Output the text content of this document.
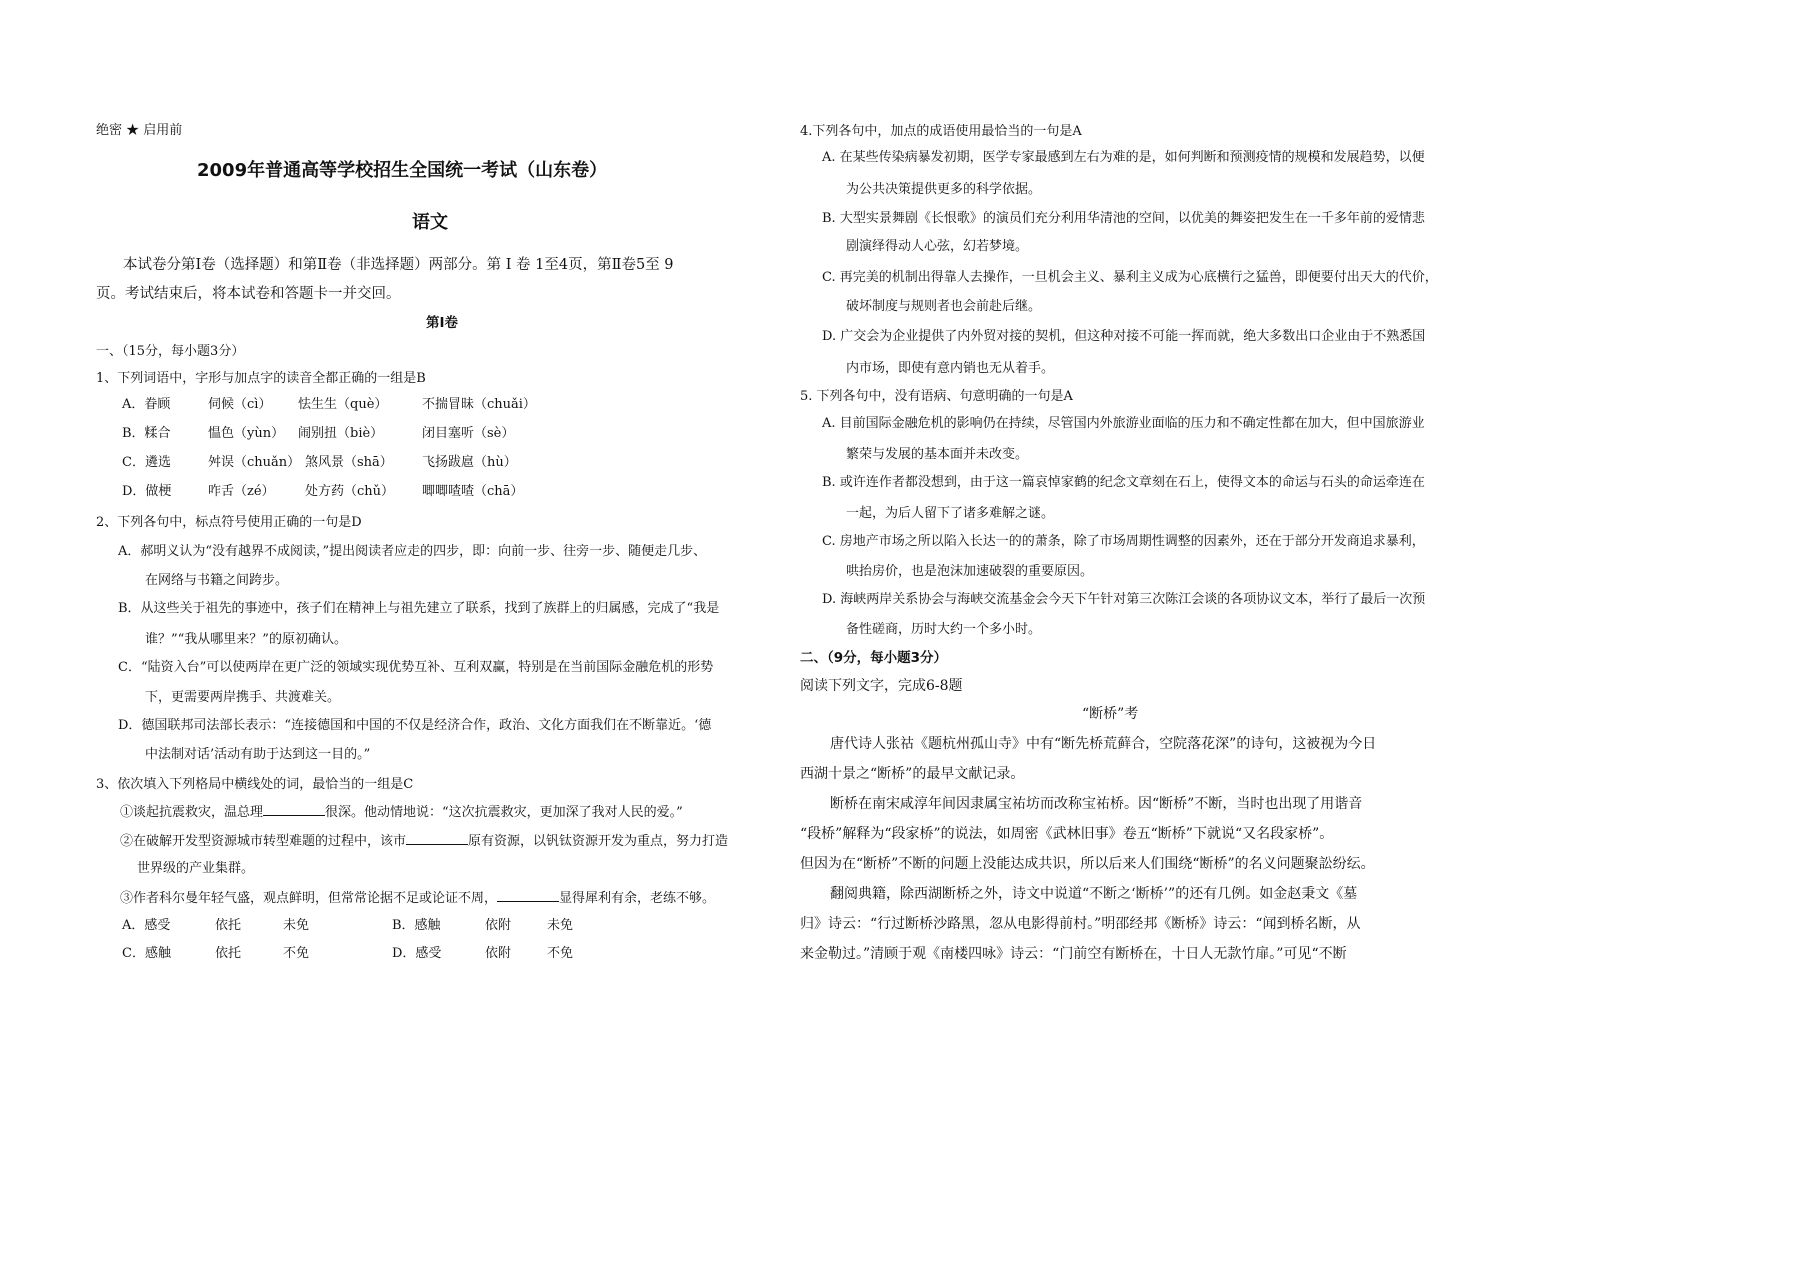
绝密 ★ 启用前
2009年普通高等学校招生全国统一考试（山东卷）
语文
本试卷分第Ⅰ卷（选择题）和第Ⅱ卷（非选择题）两部分。第 Ⅰ 卷 1至4页，第Ⅱ卷5至 9
页。考试结束后，将本试卷和答题卡一并交回。
第Ⅰ卷
一、（15分，每小题3分）
1、下列词语中，字形与加点字的读音全都正确的一组是B
A．眷顾	伺候（cì） 怯生生（què）	不揣冒昧（chuǎi）
B．糅合	愠色（yùn） 闹别扭（biè）	闭目塞听（sè）
C．遴选	舛误（chuǎn） 煞风景（shā） 飞扬跋扈（hù）
D．做梗	咋舌（zé） 处方药（chǔ） 唧唧喳喳（chā）
2、下列各句中，标点符号使用正确的一句是D
A．郝明义认为“没有越界不成阅读，”提出阅读者应走的四步，即：向前一步、往旁一步、随便走几步、
在网络与书籍之间跨步。
B．从这些关于祖先的事迹中，孩子们在精神上与祖先建立了联系，找到了族群上的归属感，完成了“我是
谁？”“我从哪里来？”的原初确认。
C．“陆资入台”可以使两岸在更广泛的领域实现优势互补、互利双赢，特别是在当前国际金融危机的形势
下，更需要两岸携手、共渡难关。
D．德国联邦司法部长表示：“连接德国和中国的不仅是经济合作，政治、文化方面我们在不断靠近。‘德
中法制对话’活动有助于达到这一目的。”
3、依次填入下列格局中横线处的词，最恰当的一组是C
①谈起抗震救灾，温总理	很深。他动情地说：“这次抗震救灾，更加深了我对人民的爱。”
②在破解开发型资源城市转型难题的过程中，该市	原有资源，以钒钛资源开发为重点，努力打造
世界级的产业集群。
③作者科尔曼年轻气盛，观点鲜明，但常常论据不足或论证不周，	显得犀利有余，老练不够。
A．感受	依托	未免	B．感触	依附	未免
C．感触	依托	不免	D．感受	依附	不免
4.下列各句中，加点的成语使用最恰当的一句是A
A. 在某些传染病暴发初期，医学专家最感到左右为难的是，如何判断和预测疫情的规模和发展趋势，以便
为公共决策提供更多的科学依据。
B. 大型实景舞剧《长恨歌》的演员们充分利用华清池的空间，以优美的舞姿把发生在一千多年前的爱情悲
剧演绎得动人心弦，幻若梦境。
C. 再完美的机制出得靠人去操作，一旦机会主义、暴利主义成为心底横行之猛兽，即便要付出天大的代价，
破坏制度与规则者也会前赴后继。
D. 广交会为企业提供了内外贸对接的契机，但这种对接不可能一挥而就，绝大多数出口企业由于不熟悉国
内市场，即使有意内销也无从着手。
5. 下列各句中，没有语病、句意明确的一句是A
A. 目前国际金融危机的影响仍在持续，尽管国内外旅游业面临的压力和不确定性都在加大，但中国旅游业
繁荣与发展的基本面并未改变。
B. 或许连作者都没想到，由于这一篇哀悼家鹤的纪念文章刻在石上，使得文本的命运与石头的命运牵连在
一起，为后人留下了诸多难解之谜。
C. 房地产市场之所以陷入长达一的的萧条，除了市场周期性调整的因素外，还在于部分开发商追求暴利，
哄抬房价，也是泡沫加速破裂的重要原因。
D. 海峡两岸关系协会与海峡交流基金会今天下午针对第三次陈江会谈的各项协议文本，举行了最后一次预
备性磋商，历时大约一个多小时。
二、（9分，每小题3分）
阅读下列文字，完成6-8题
“断桥”考
唐代诗人张祜《题杭州孤山寺》中有“断先桥荒藓合，空院落花深”的诗句，这被视为今日
西湖十景之“断桥”的最早文献记录。
断桥在南宋咸淳年间因隶属宝祐坊而改称宝祐桥。因“断桥”不断，当时也出现了用谐音
“段桥”解释为“段家桥”的说法，如周密《武林旧事》卷五“断桥”下就说“又名段家桥”。
但因为在“断桥”不断的问题上没能达成共识，所以后来人们围绕“断桥”的名义问题聚訟纷纭。
翻阅典籍，除西湖断桥之外，诗文中说道“不断之‘断桥’”的还有几例。如金赵秉文《墓
归》诗云：“行过断桥沙路黑，忽从电影得前村。”明邵经邦《断桥》诗云：“闻到桥名断，从
来金勒过。”清顾于观《南楼四咏》诗云：“门前空有断桥在，十日人无款竹扉。”可见“不断
